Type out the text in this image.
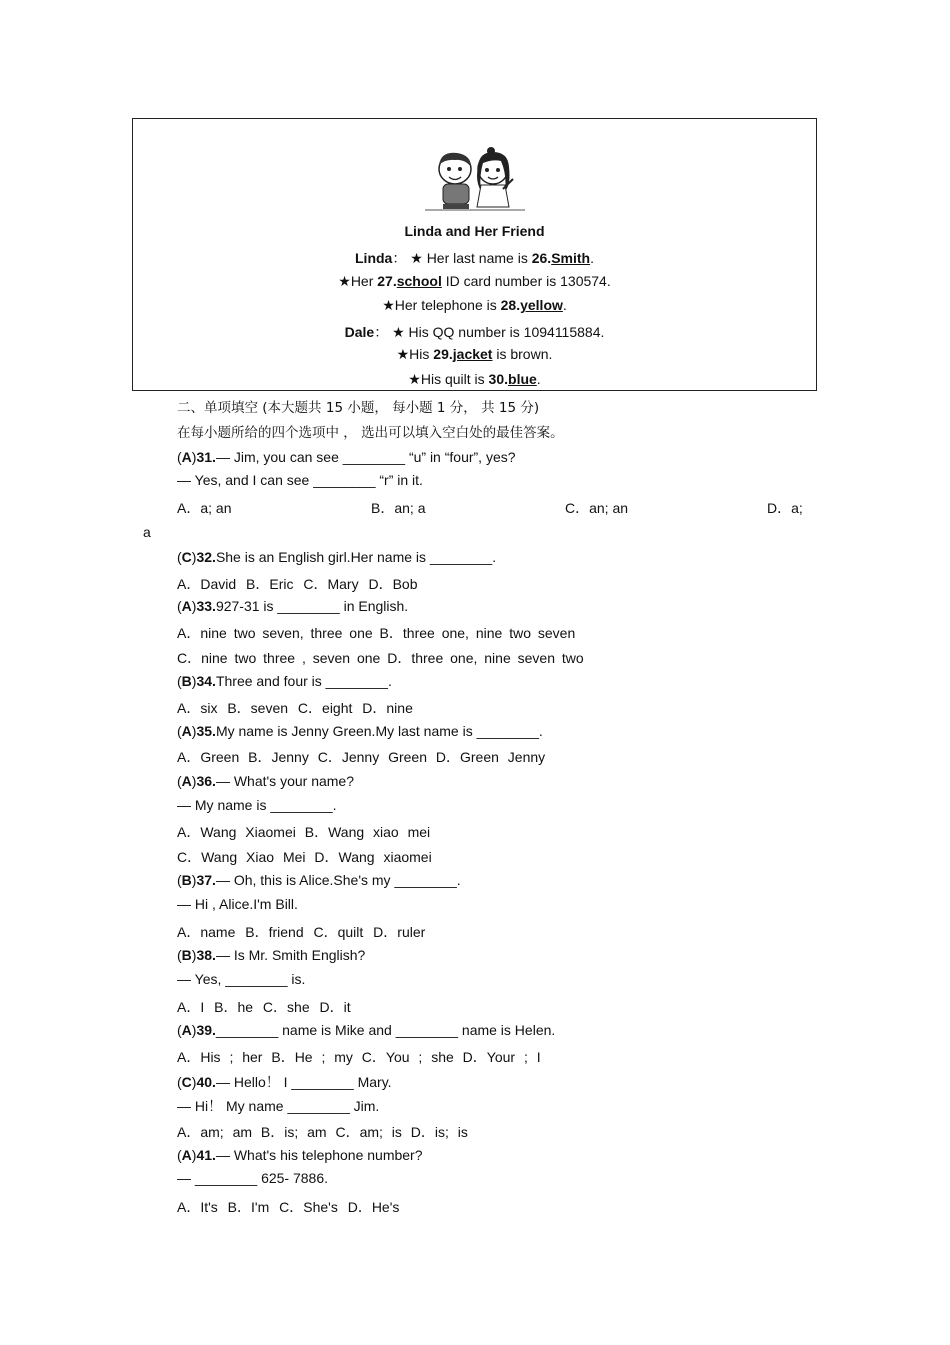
Linda and Her Friend
Linda： ★ Her last name is 26.Smith.
★Her 27.school ID card number is 130574.
★Her telephone is 28.yellow.
Dale： ★ His QQ number is 1094115884.
★His 29.jacket is brown.
★His quilt is 30.blue.
二、单项填空 (本大题共 15 小题， 每小题 1 分， 共 15 分)
在每小题所给的四个选项中 ， 选出可以填入空白处的最佳答案。
(A)31.— Jim, you can see ________ “u” in “four”, yes?
— Yes, and I can see ________ “r” in it.
A．a; an	B．an; a	C．an; an	D．a;
a
(C)32.She is an English girl.Her name is ________.
A．David B．Eric C．Mary D．Bob
(A)33.927-31 is ________ in English.
A．nine two seven, three one B．three one, nine two seven
C．nine two three , seven one D．three one, nine seven two
(B)34.Three and four is ________.
A．six B．seven C．eight D．nine
(A)35.My name is Jenny Green.My last name is ________.
A．Green B．Jenny C．Jenny Green D．Green Jenny
(A)36.— What's your name?
— My name is ________.
A．Wang Xiaomei B．Wang xiao mei
C．Wang Xiao Mei D．Wang xiaomei
(B)37.— Oh, this is Alice.She's my ________.
— Hi , Alice.I'm Bill.
A．name B．friend C．quilt D．ruler
(B)38.— Is Mr. Smith English?
— Yes, ________ is.
A．I B．he C．she D．it
(A)39.________ name is Mike and ________ name is Helen.
A．His ; her B．He ; my C．You ; she D．Your ; I
(C)40.— Hello！ I ________ Mary.
— Hi！ My name ________ Jim.
A．am; am B．is; am C．am; is D．is; is
(A)41.— What's his telephone number?
— ________ 625- 7886.
A．It's B．I'm C．She's D．He's
